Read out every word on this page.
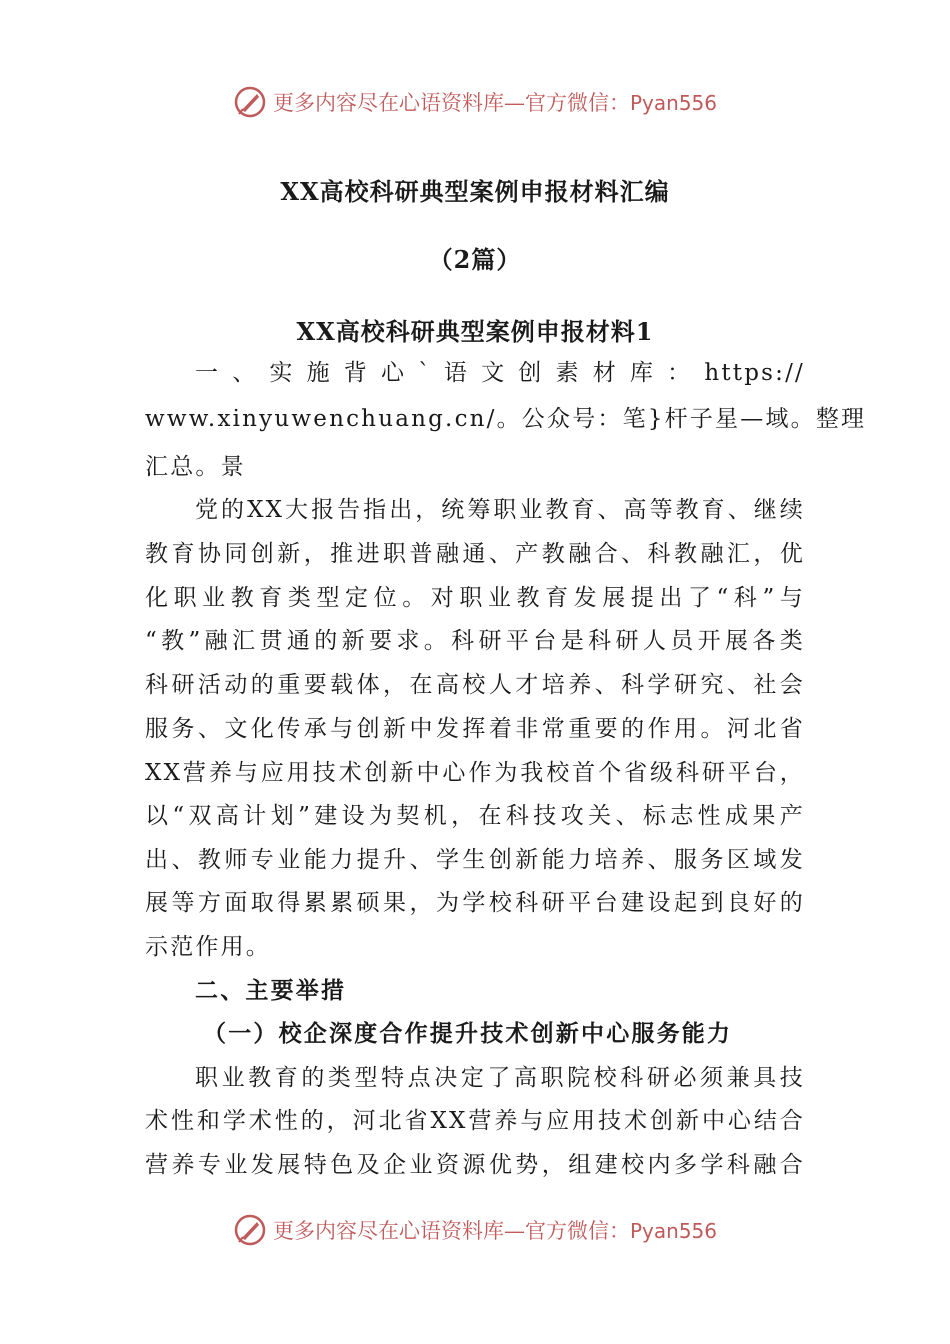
更多内容尽在心语资料库—官方微信：Pyan556
XX高校科研典型案例申报材料汇编
（2篇）
XX高校科研典型案例申报材料1
一、实施背心`语文创素材库：https://
www.xinyuwenchuang.cn/。公众号：笔}杆子星—域。整理
汇总。景
党的XX大报告指出，统筹职业教育、高等教育、继续
教育协同创新，推进职普融通、产教融合、科教融汇，优
化职业教育类型定位。对职业教育发展提出了“科”与
“教”融汇贯通的新要求。科研平台是科研人员开展各类
科研活动的重要载体，在高校人才培养、科学研究、社会
服务、文化传承与创新中发挥着非常重要的作用。河北省
XX营养与应用技术创新中心作为我校首个省级科研平台，
以“双高计划”建设为契机，在科技攻关、标志性成果产
出、教师专业能力提升、学生创新能力培养、服务区域发
展等方面取得累累硕果，为学校科研平台建设起到良好的
示范作用。
二、主要举措
（一）校企深度合作提升技术创新中心服务能力
职业教育的类型特点决定了高职院校科研必须兼具技
术性和学术性的，河北省XX营养与应用技术创新中心结合
营养专业发展特色及企业资源优势，组建校内多学科融合
更多内容尽在心语资料库—官方微信：Pyan556
